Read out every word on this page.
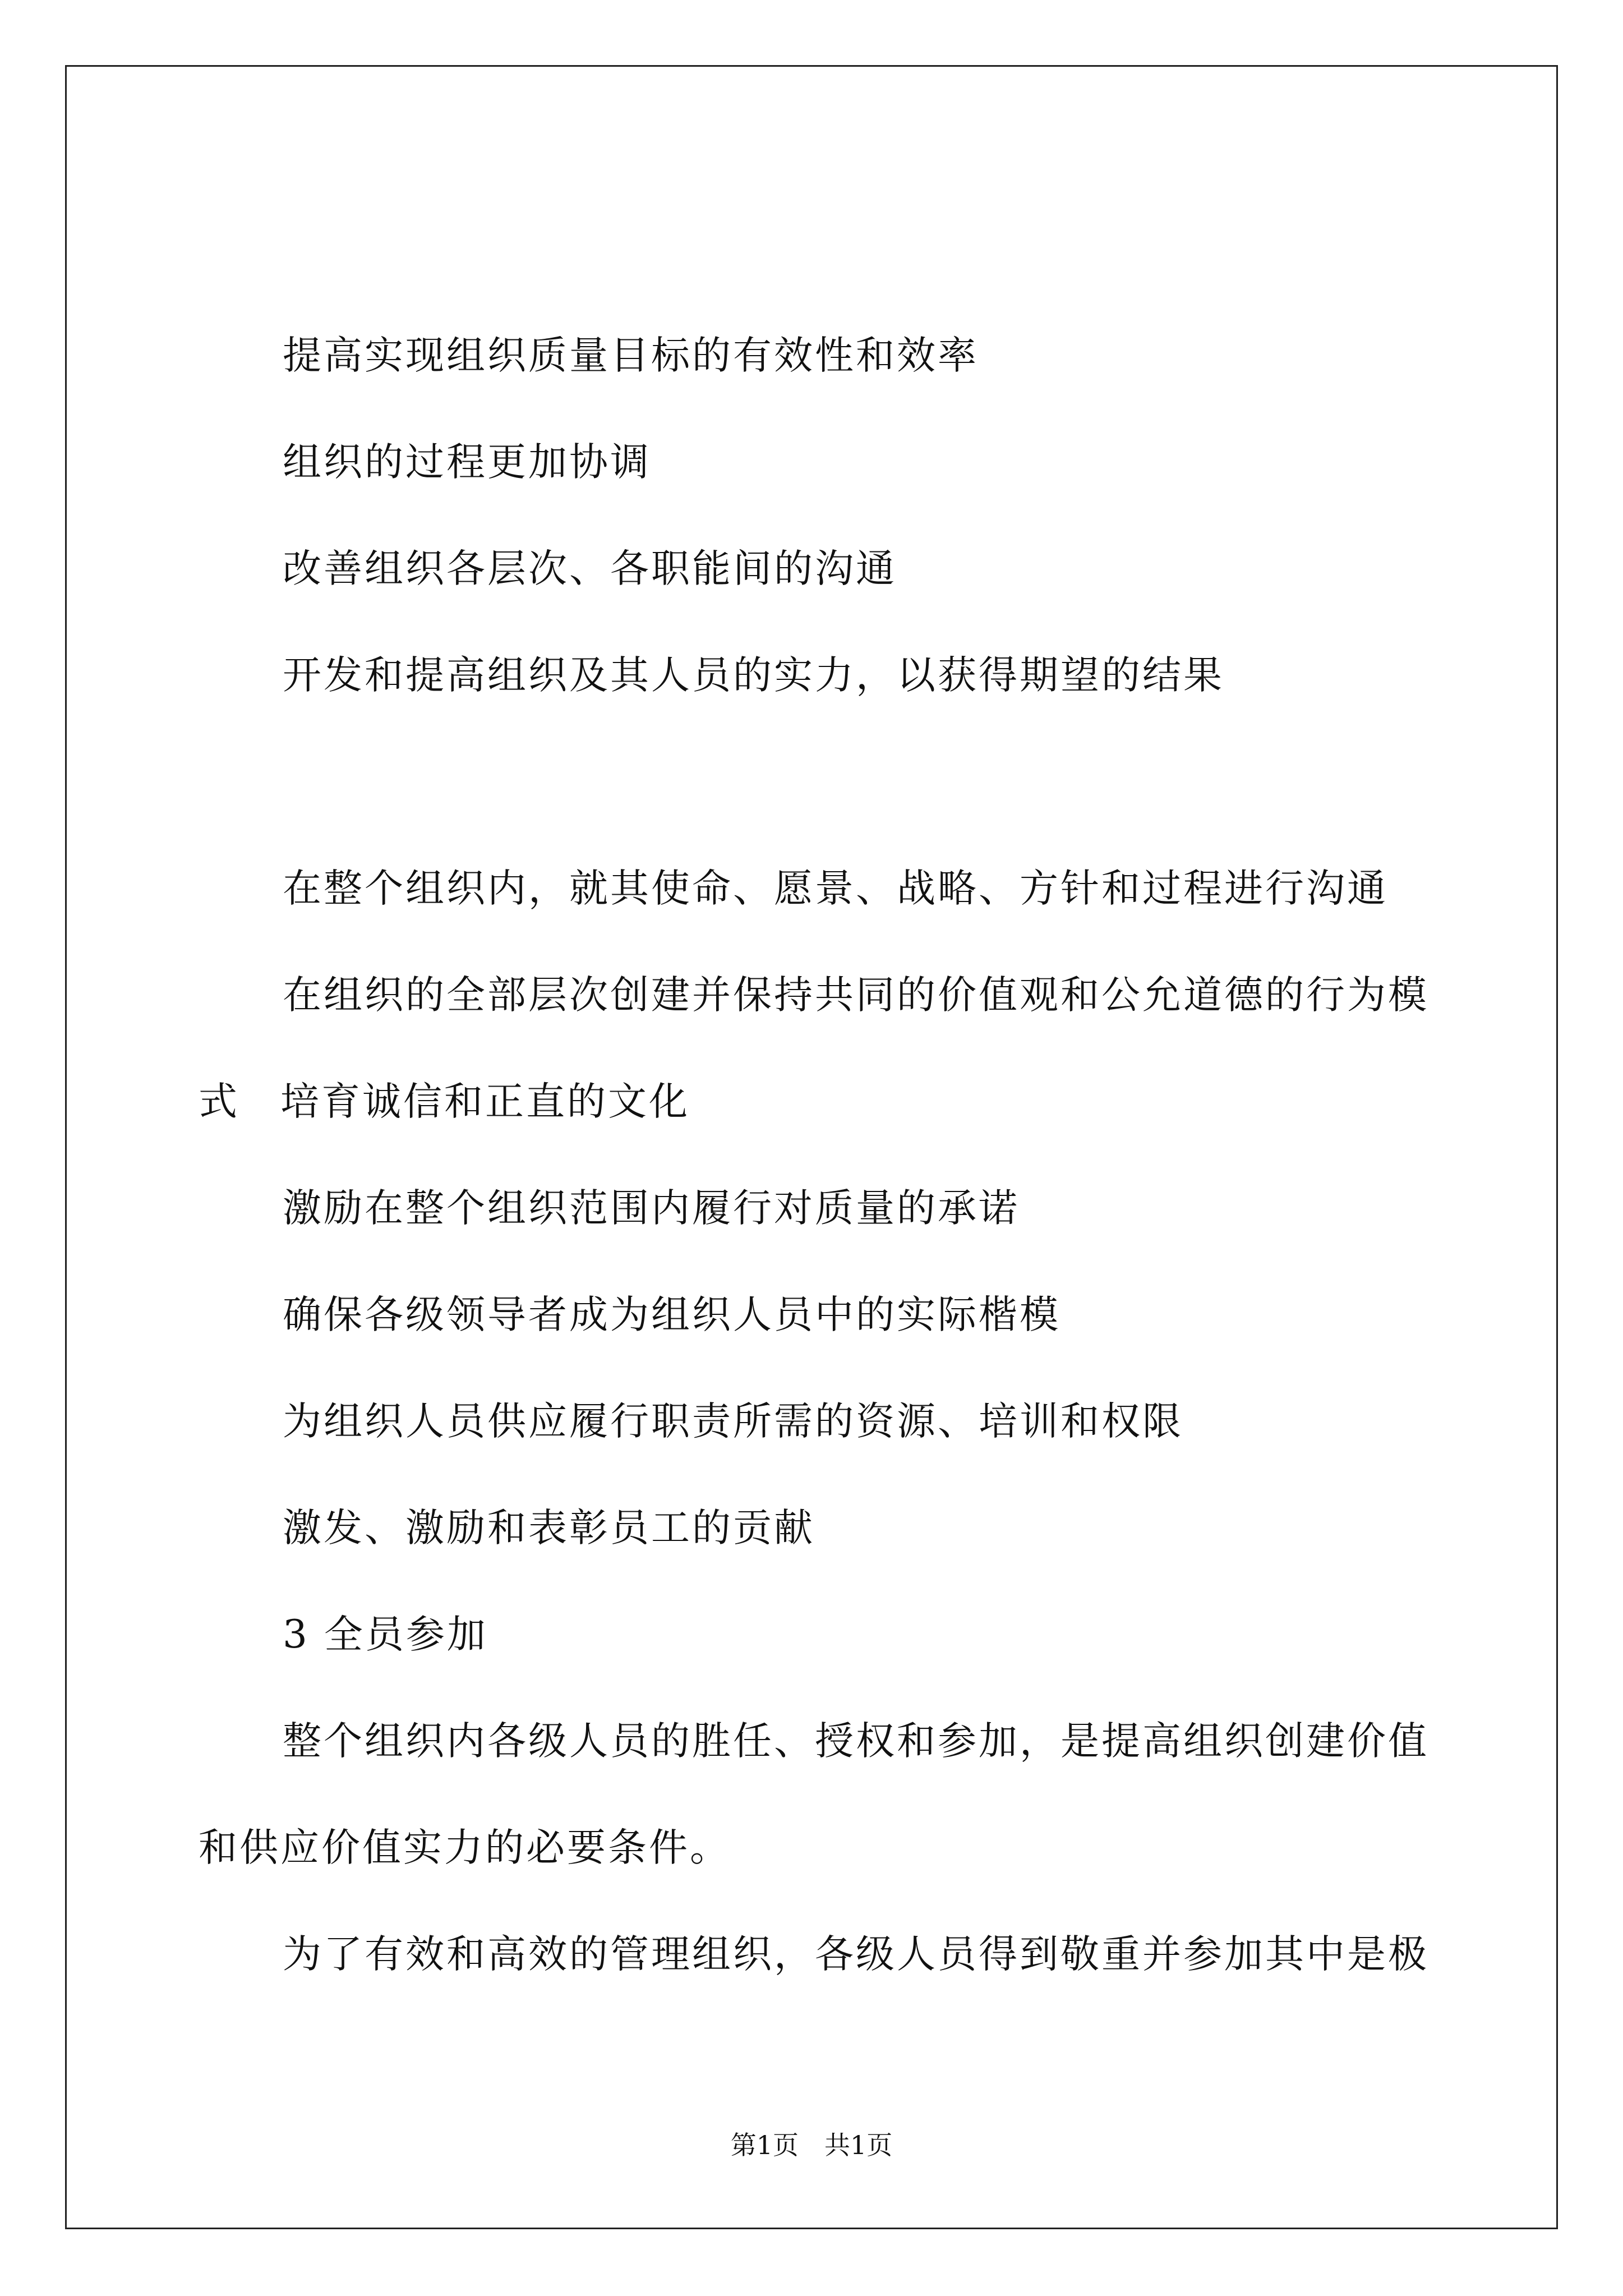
提高实现组织质量目标的有效性和效率
组织的过程更加协调
改善组织各层次、各职能间的沟通
开发和提高组织及其人员的实力，以获得期望的结果
在整个组织内，就其使命、愿景、战略、方针和过程进行沟通
在组织的全部层次创建并保持共同的价值观和公允道德的行为模
式　培育诚信和正直的文化
激励在整个组织范围内履行对质量的承诺
确保各级领导者成为组织人员中的实际楷模
为组织人员供应履行职责所需的资源、培训和权限
激发、激励和表彰员工的贡献
3 全员参加
整个组织内各级人员的胜任、授权和参加，是提高组织创建价值
和供应价值实力的必要条件。
为了有效和高效的管理组织，各级人员得到敬重并参加其中是极
第1页　共1页
